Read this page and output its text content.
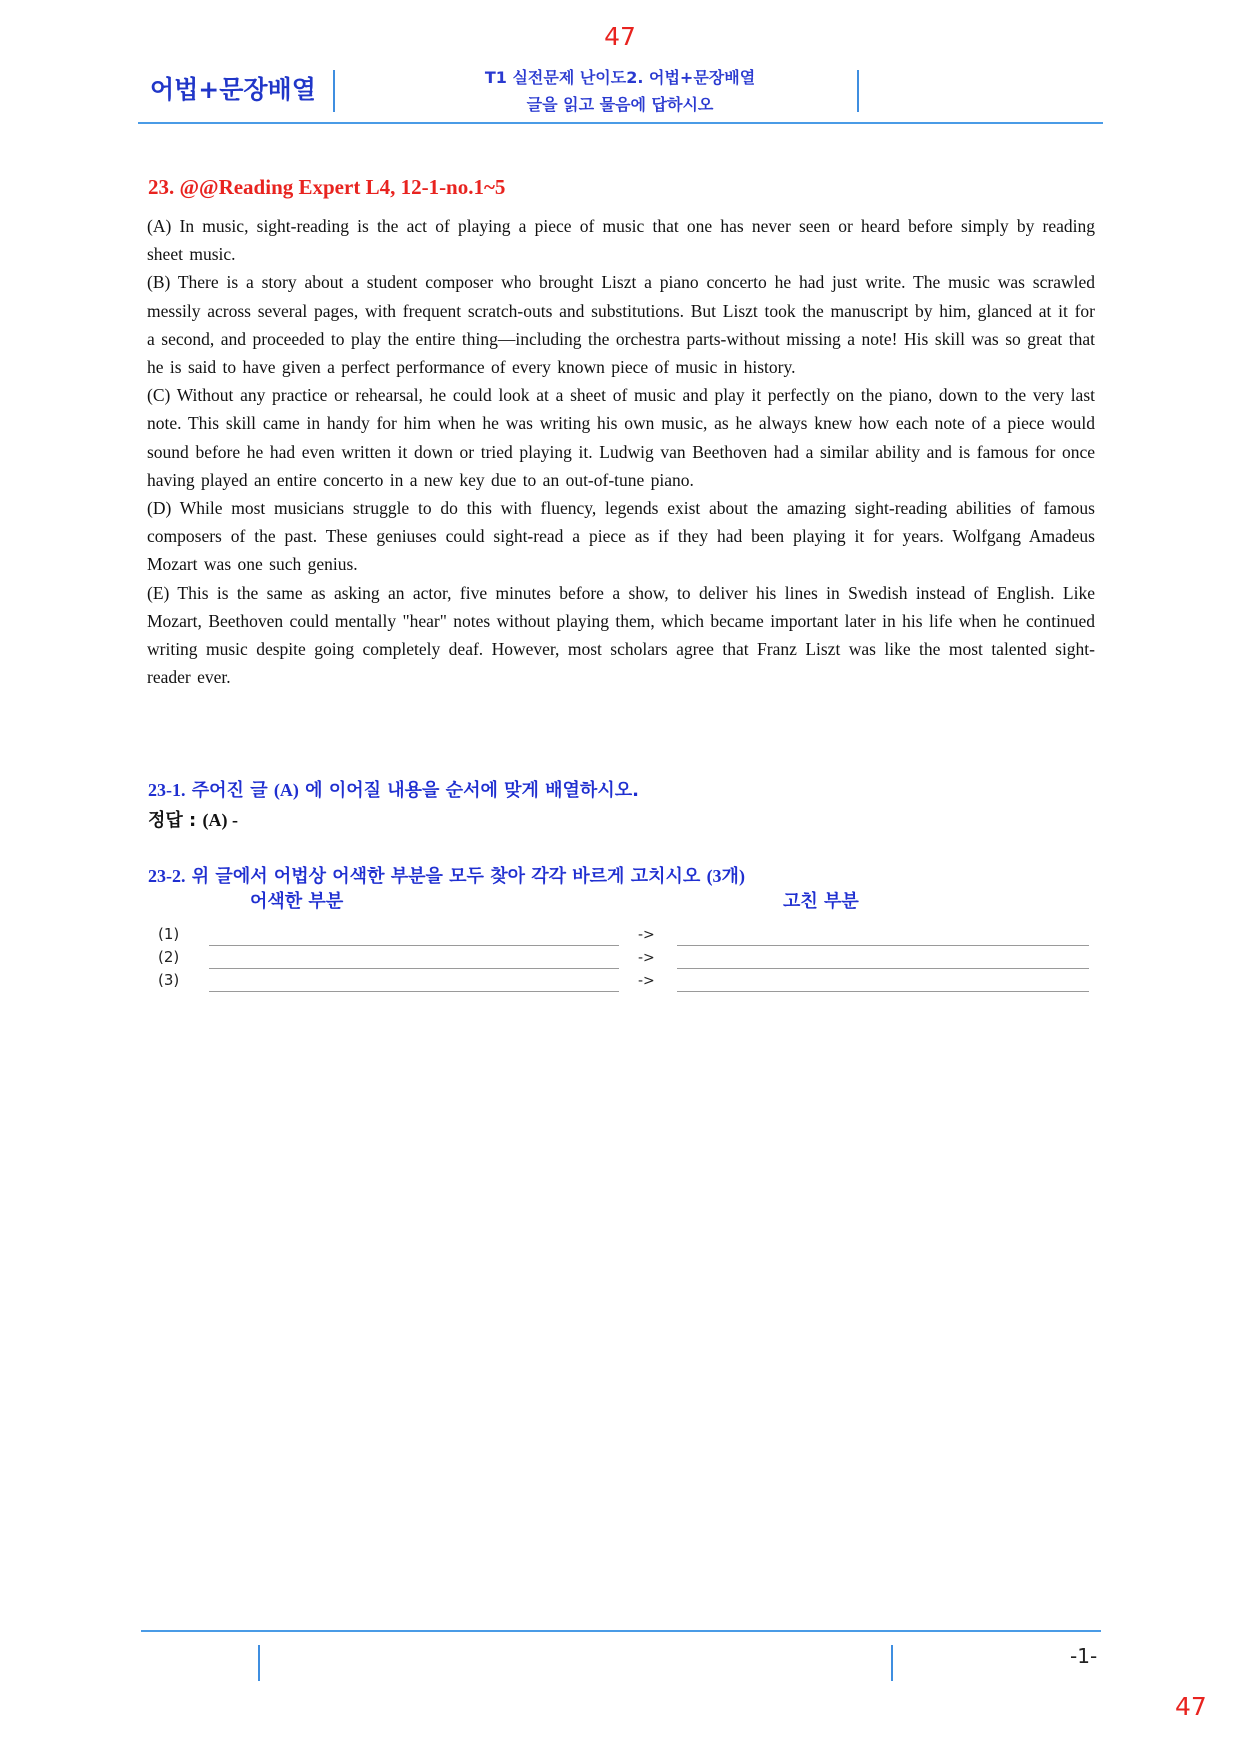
47
어법+문장배열	T1 실전문제 난이도2. 어법+문장배열
글을 읽고 물음에 답하시오
23. @@Reading Expert L4, 12-1-no.1~5

(A) In music, sight-reading is the act of playing a piece of music that one has never seen or heard before simply by reading sheet music.

(B) There is a story about a student composer who brought Liszt a piano concerto he had just write. The music was scrawled messily across several pages, with frequent scratch-outs and substitutions. But Liszt took the manuscript by him, glanced at it for a second, and proceeded to play the entire thing—including the orchestra parts-without missing a note! His skill was so great that he is said to have given a perfect performance of every known piece of music in history.

(C) Without any practice or rehearsal, he could look at a sheet of music and play it perfectly on the piano, down to the very last note. This skill came in handy for him when he was writing his own music, as he always knew how each note of a piece would sound before he had even written it down or tried playing it. Ludwig van Beethoven had a similar ability and is famous for once having played an entire concerto in a new key due to an out-of-tune piano.

(D) While most musicians struggle to do this with fluency, legends exist about the amazing sight-reading abilities of famous composers of the past. These geniuses could sight-read a piece as if they had been playing it for years. Wolfgang Amadeus Mozart was one such genius.

(E) This is the same as asking an actor, five minutes before a show, to deliver his lines in Swedish instead of English. Like Mozart, Beethoven could mentally "hear" notes without playing them, which became important later in his life when he continued writing music despite going completely deaf. However, most scholars agree that Franz Liszt was like the most talented sight-reader ever.

23-1. 주어진 글 (A) 에 이어질 내용을 순서에 맞게 배열하시오.
정답 : (A) -
23-2. 위 글에서 어법상 어색한 부분을 모두 찾아 각각 바르게 고치시오 (3개)
어색한 부분	고친 부분
(1)	->
(2)	->
(3)	->
-1-
47
